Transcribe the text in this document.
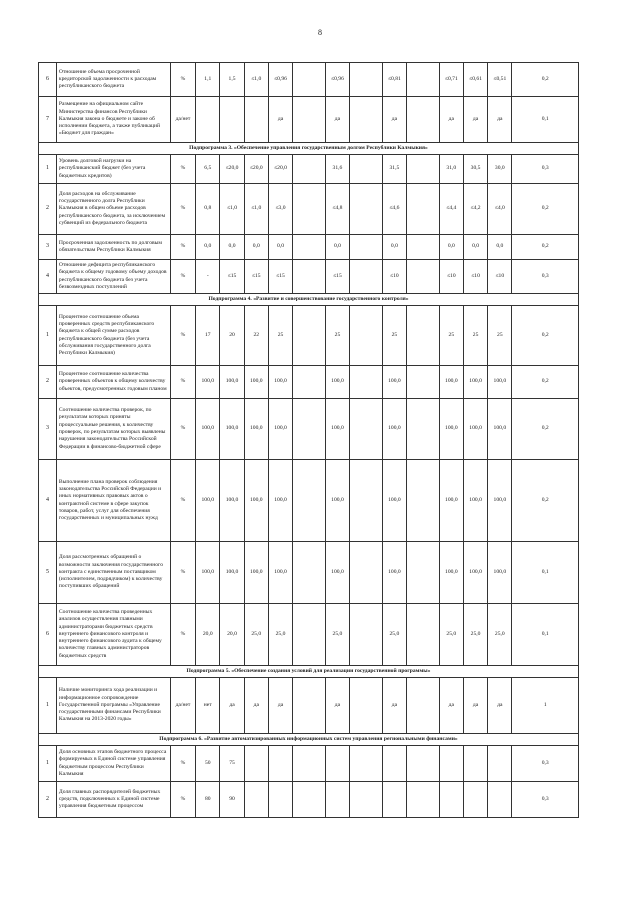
8
6	Отношение объема просроченной кредиторской задолженности к расходам республиканского бюджета	%	1,1	1,5	≤1,0	≤0,96		≤0,96		≤0,81		≤0,71	≤0,61	≤0,51	0,2
7	Размещение на официальном сайте Министерства финансов Республики Калмыкия закона о бюджете и законе об исполнении бюджета, а также публикаций «Бюджет для граждан»	да/нет				да		да		да		да	да	да	0,1
Подпрограмма 3. «Обеспечение управления государственным долгом Республики Калмыкия»															
1	Уровень долговой нагрузки на республиканский бюджет (без учета бюджетных кредитов)	%	6,5	≤20,0	≤20,0	≤20,0		31,6		31,5		31,0	30,5	30,0	0,3
2	Доля расходов на обслуживание государственного долга Республики Калмыкия в общем объеме расходов республиканского бюджета, за исключением субвенций из федерального бюджета	%	0,8	≤1,0	≤1,0	≤3,0		≤4,8		≤4,6		≤4,4	≤4,2	≤4,0	0,2
3	Просроченная задолженность по долговым обязательствам Республики Калмыкия	%	0,0	0,0	0,0	0,0		0,0		0,0		0,0	0,0	0,0	0,2
4	Отношение дефицита республиканского бюджета к общему годовому объему доходов республиканского бюджета без учета безвозмездных поступлений	%	-	≤15	≤15	≤15		≤15		≤10		≤10	≤10	≤10	0,3
Подпрограмма 4. «Развитие и совершенствование государственного контроля»															
1	Процентное соотношение объема проверенных средств республиканского бюджета к общей сумме расходов республиканского бюджета (без учета обслуживания государственного долга Республики Калмыкия)	%	17	20	22	25		25		25		25	25	25	0,2
2	Процентное соотношение количества проверенных объектов к общему количеству объектов, предусмотренных годовым планом	%	100,0	100,0	100,0	100,0		100,0		100,0		100,0	100,0	100,0	0,2
3	Соотношение количества проверок, по результатам которых приняты процессуальные решения, к количеству проверок, по результатам которых выявлены нарушения законодательства Российской Федерации в финансово-бюджетной сфере	%	100,0	100,0	100,0	100,0		100,0		100,0		100,0	100,0	100,0	0,2
4	Выполнение плана проверок соблюдения законодательства Российской Федерации и иных нормативных правовых актов о контрактной системе в сфере закупок товаров, работ, услуг для обеспечения государственных и муниципальных нужд	%	100,0	100,0	100,0	100,0		100,0		100,0		100,0	100,0	100,0	0,2
5	Доля рассмотренных обращений о возможности заключения государственного контракта с единственным поставщиком (исполнителем, подрядчиком) к количеству поступивших обращений	%	100,0	100,0	100,0	100,0		100,0		100,0		100,0	100,0	100,0	0,1
6	Соотношение количества проведенных анализов осуществления главными администраторами бюджетных средств внутреннего финансового контроля и внутреннего финансового аудита к общему количеству главных администраторов бюджетных средств	%	20,0	20,0	25,0	25,0		25,0		25,0		25,0	25,0	25,0	0,1
Подпрограмма 5. «Обеспечение создания условий для реализации государственной программы»															
1	Наличие мониторинга хода реализации и информационное сопровождение Государственной программы «Управление государственными финансами Республики Калмыкия на 2013-2020 годы»	да/нет	нет	да	да	да		да		да		да	да	да	1
Подпрограмма 6. «Развитие автоматизированных информационных систем управления региональными финансами»															
1	Доля основных этапов бюджетного процесса формируемых в Единой системе управления бюджетным процессом Республики Калмыкия	%	50	75											0,3
2	Доля главных распорядителей бюджетных средств, подключенных к Единой системе управления бюджетным процессом	%	80	90											0,3
